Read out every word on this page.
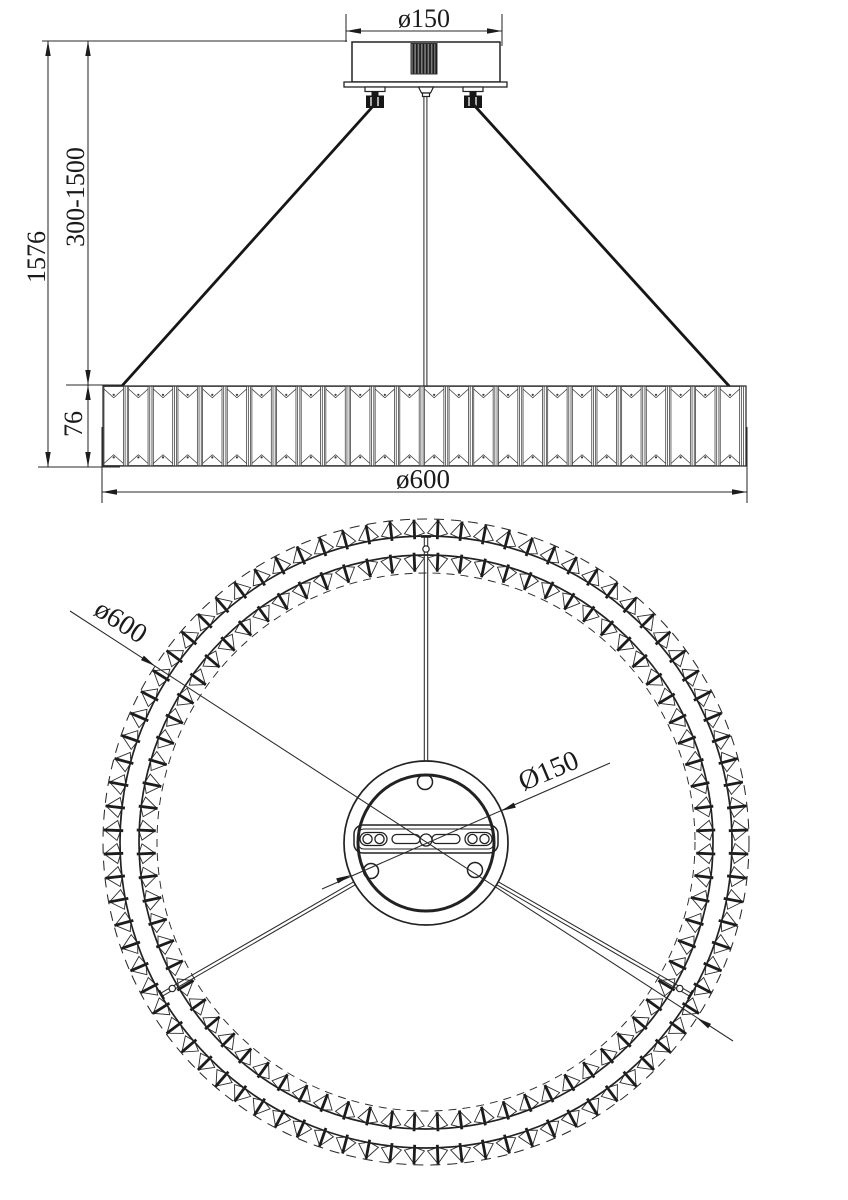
ø150
1576
300-1500
76
ø600
ø600
Ø150
